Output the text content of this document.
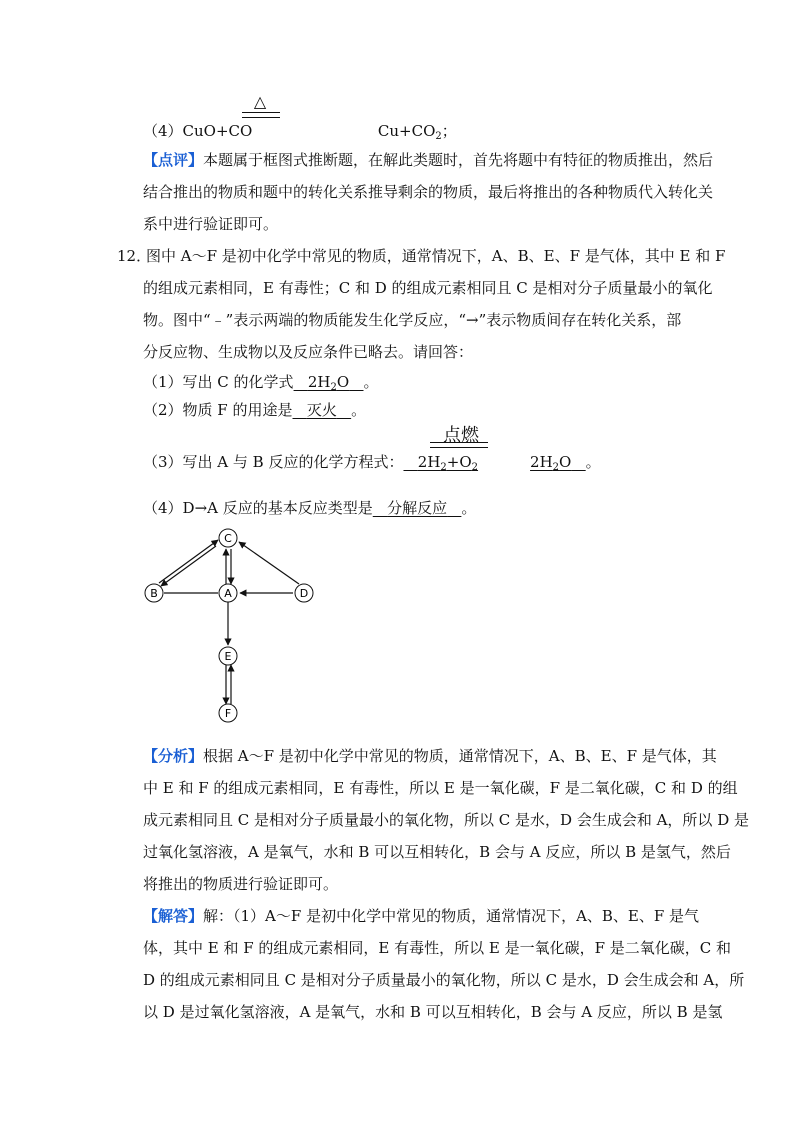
△
（4）CuO+CO	$Cu+CO_2$；
【点评】本题属于框图式推断题，在解此类题时，首先将题中有特征的物质推出，然后
结合推出的物质和题中的转化关系推导剩余的物质，最后将推出的各种物质代入转化关
系中进行验证即可。
12．
图中 A～F 是初中化学中常见的物质，通常情况下，A、B、E、F 是气体，其中 E 和 F
的组成元素相同，E 有毒性；C 和 D 的组成元素相同且 C 是相对分子质量最小的氧化
物。图中“﹣”表示两端的物质能发生化学反应，“→”表示物质间存在转化关系，部
分反应物、生成物以及反应条件已略去。请回答：
（1）写出 C 的化学式 $2H_2O$ 。
（2）物质 F 的用途是 灭火 。
点燃
（3）写出 A 与 B 反应的化学方程式： $2H_2+O_2$	$2H_2O$ 。
（4）D→A 反应的基本反应类型是 分解反应 。
C
B	A	D
E
F
【分析】根据 A～F 是初中化学中常见的物质，通常情况下，A、B、E、F 是气体，其
中 E 和 F 的组成元素相同，E 有毒性，所以 E 是一氧化碳，F 是二氧化碳，C 和 D 的组
成元素相同且 C 是相对分子质量最小的氧化物，所以 C 是水，D 会生成会和 A，所以 D 是
过氧化氢溶液，A 是氧气，水和 B 可以互相转化，B 会与 A 反应，所以 B 是氢气，然后
将推出的物质进行验证即可。
【解答】解：（1）A～F 是初中化学中常见的物质，通常情况下，A、B、E、F 是气
体，其中 E 和 F 的组成元素相同，E 有毒性，所以 E 是一氧化碳，F 是二氧化碳，C 和
D 的组成元素相同且 C 是相对分子质量最小的氧化物，所以 C 是水，D 会生成会和 A，所
以 D 是过氧化氢溶液，A 是氧气，水和 B 可以互相转化，B 会与 A 反应，所以 B 是氢
